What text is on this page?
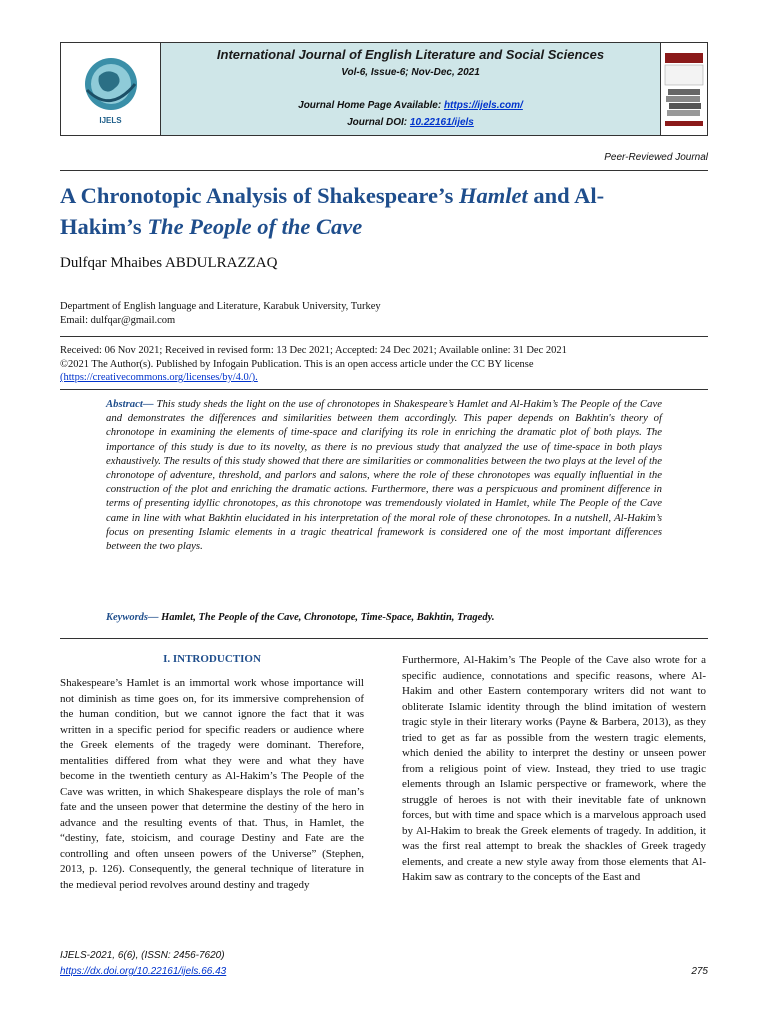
IJELS
International Journal of English Literature and Social Sciences
Vol-6, Issue-6; Nov-Dec, 2021
Journal Home Page Available: https://ijels.com/
Journal DOI: 10.22161/ijels
Peer-Reviewed Journal
A Chronotopic Analysis of Shakespeare’s Hamlet and Al-
Hakim’s The People of the Cave
Dulfqar Mhaibes ABDULRAZZAQ
Department of English language and Literature, Karabuk University, Turkey
Email: dulfqar@gmail.com
Received: 06 Nov 2021; Received in revised form: 13 Dec 2021; Accepted: 24 Dec 2021; Available online: 31 Dec 2021
©2021 The Author(s). Published by Infogain Publication. This is an open access article under the CC BY license
(https://creativecommons.org/licenses/by/4.0/).
Abstract— This study sheds the light on the use of chronotopes in Shakespeare’s Hamlet and Al-Hakim’s The People of the Cave and demonstrates the differences and similarities between them accordingly. This paper depends on Bakhtin's theory of chronotope in examining the elements of time-space and clarifying its role in enriching the dramatic plot of both plays. The importance of this study is due to its novelty, as there is no previous study that analyzed the use of time-space in both plays exhaustively. The results of this study showed that there are similarities or commonalities between the two plays at the level of the chronotope of adventure, threshold, and parlors and salons, where the role of these chronotopes was equally influential in the construction of the plot and enriching the dramatic actions. Furthermore, there was a perspicuous and prominent difference in terms of presenting idyllic chronotopes, as this chronotope was tremendously violated in Hamlet, while The People of the Cave came in line with what Bakhtin elucidated in his interpretation of the moral role of these chronotopes. In a nutshell, Al-Hakim’s focus on presenting Islamic elements in a tragic theatrical framework is considered one of the most important differences between the two plays.
Keywords— Hamlet, The People of the Cave, Chronotope, Time-Space, Bakhtin, Tragedy.
I. INTRODUCTION
Shakespeare’s Hamlet is an immortal work whose importance will not diminish as time goes on, for its immersive comprehension of the human condition, but we cannot ignore the fact that it was written in a specific period for specific readers or audience where the Greek elements of the tragedy were dominant. Therefore, mentalities differed from what they were and what they have become in the twentieth century as Al-Hakim’s The People of the Cave was written, in which Shakespeare displays the role of man’s fate and the unseen power that determine the destiny of the hero in advance and the resulting events of that. Thus, in Hamlet, the “destiny, fate, stoicism, and courage Destiny and Fate are the controlling and often unseen powers of the Universe” (Stephen, 2013, p. 126). Consequently, the general technique of literature in the medieval period revolves around destiny and tragedy
Furthermore, Al-Hakim’s The People of the Cave also wrote for a specific audience, connotations and specific reasons, where Al-Hakim and other Eastern contemporary writers did not want to obliterate Islamic identity through the blind imitation of western tragic style in their literary works (Payne & Barbera, 2013), as they tried to get as far as possible from the western tragic elements, which denied the ability to interpret the destiny or unseen power from a religious point of view. Instead, they tried to use tragic elements through an Islamic perspective or framework, where the struggle of heroes is not with their inevitable fate of unknown forces, but with time and space which is a marvelous approach used by Al-Hakim to break the Greek elements of tragedy. In addition, it was the first real attempt to break the shackles of Greek tragedy elements, and create a new style away from those elements that Al-Hakim saw as contrary to the concepts of the East and
IJELS-2021, 6(6), (ISSN: 2456-7620)
https://dx.doi.org/10.22161/ijels.66.43	275
